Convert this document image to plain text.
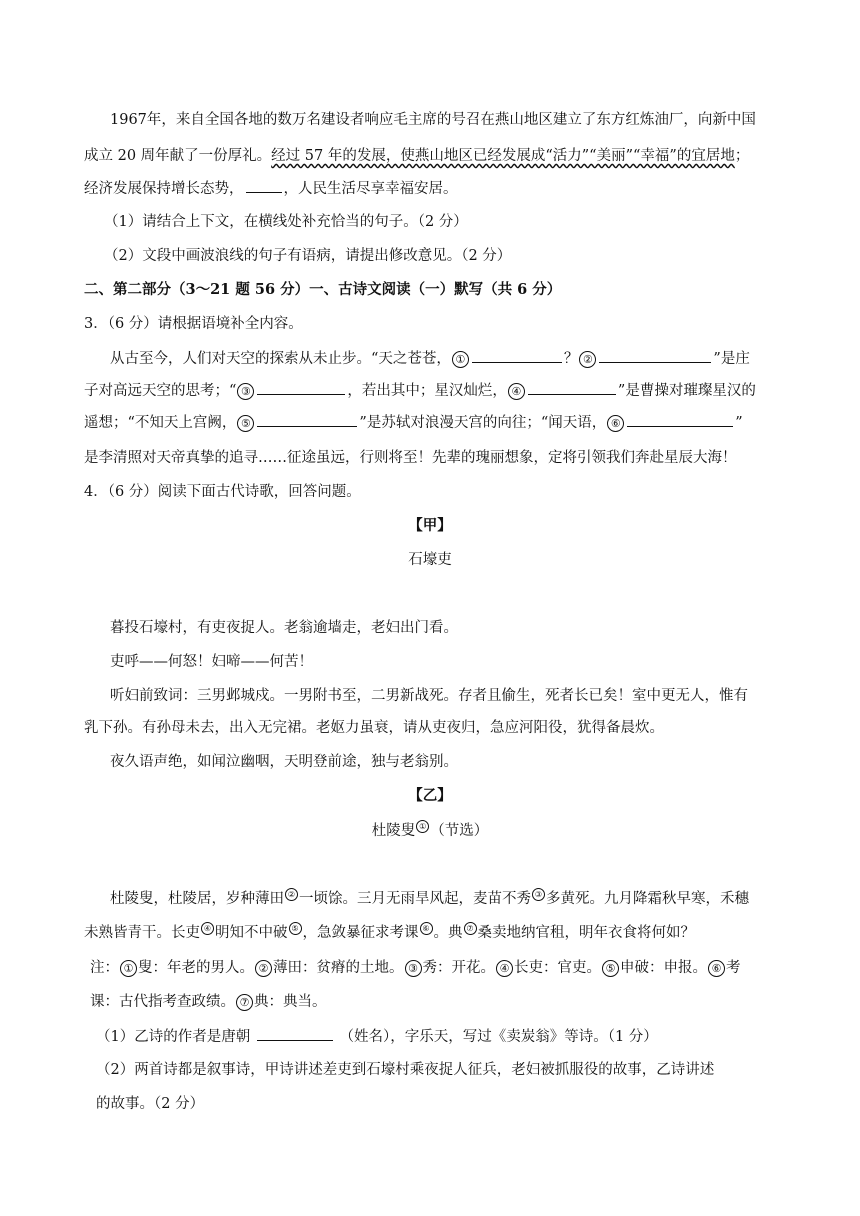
1967年，来自全国各地的数万名建设者响应毛主席的号召在燕山地区建立了东方红炼油厂，向新中国
成立 20 周年献了一份厚礼。经过 57 年的发展，使燕山地区已经发展成“活力”“美丽”“幸福”的宜居地；
经济发展保持增长态势，	，人民生活尽享幸福安居。
（1）请结合上下文，在横线处补充恰当的句子。（2 分）
（2）文段中画波浪线的句子有语病，请提出修改意见。（2 分）
二、第二部分（3～21 题 56 分）一、古诗文阅读（一）默写（共 6 分）
3．（6 分）请根据语境补全内容。
从古至今，人们对天空的探索从未止步。“天之苍苍， ①	？ ②	”是庄
子对高远天空的思考；“ ③	，若出其中；星汉灿烂， ④	”是曹操对璀璨星汉的
遥想；“不知天上宫阙， ⑤	”是苏轼对浪漫天宫的向往；“闻天语， ⑥	”
是李清照对天帝真挚的追寻……征途虽远，行则将至！先辈的瑰丽想象，定将引领我们奔赴星辰大海！
4．（6 分）阅读下面古代诗歌，回答问题。
【甲】
石壕吏
暮投石壕村，有吏夜捉人。老翁逾墙走，老妇出门看。
吏呼——何怒！妇啼——何苦！
听妇前致词：三男邺城戍。一男附书至，二男新战死。存者且偷生，死者长已矣！室中更无人，惟有
乳下孙。有孙母未去，出入无完裙。老妪力虽衰，请从吏夜归，急应河阳役，犹得备晨炊。
夜久语声绝，如闻泣幽咽，天明登前途，独与老翁别。
【乙】
杜陵叟 ① （节选）
杜陵叟，杜陵居，岁种薄田 ② 一顷馀。三月无雨旱风起，麦苗不秀 ③ 多黄死。九月降霜秋早寒，禾穗
未熟皆青干。长吏 ④ 明知不中破 ⑤ ，急敛暴征求考课 ⑥ 。典 ⑦ 桑卖地纳官租，明年衣食将何如？
注： ① 叟：年老的男人。 ② 薄田：贫瘠的土地。 ③ 秀：开花。 ④ 长吏：官吏。 ⑤ 申破：申报。 ⑥ 考
课：古代指考查政绩。 ⑦ 典：典当。
（1）乙诗的作者是唐朝	（姓名），字乐天，写过《卖炭翁》等诗。（1 分）
（2）两首诗都是叙事诗，甲诗讲述差吏到石壕村乘夜捉人征兵，老妇被抓服役的故事，乙诗讲述
的故事。（2 分）
